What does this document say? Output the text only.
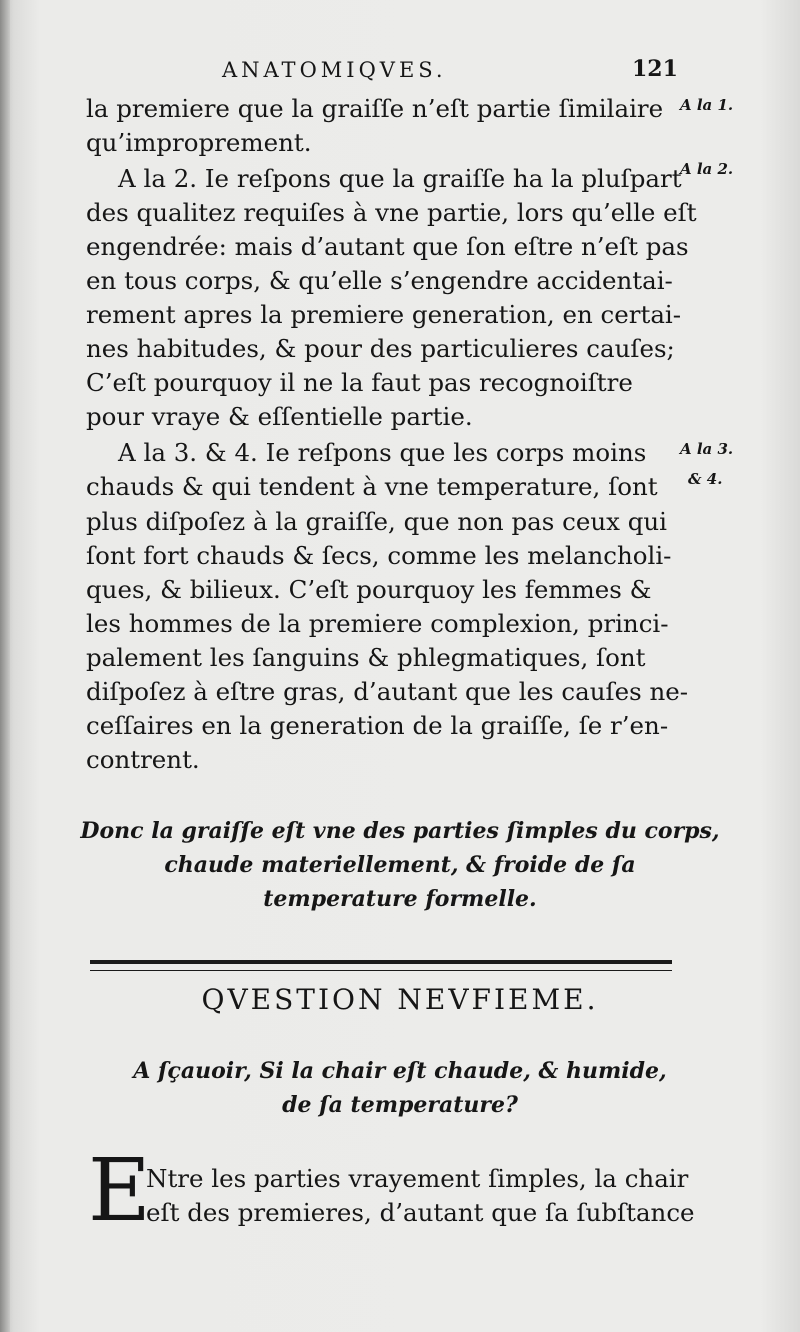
ANATOMIQVES.	121
la premiere que la graiſſe n’eſt partie ſimilaire
qu’improprement.
A la 2. Ie reſpons que la graiſſe ha la pluſpart
des qualitez requiſes à vne partie, lors qu’elle eſt
engendrée: mais d’autant que ſon eſtre n’eſt pas
en tous corps, & qu’elle s’engendre accidentai-
rement apres la premiere generation, en certai-
nes habitudes, & pour des particulieres cauſes;
C’eſt pourquoy il ne la faut pas recognoiſtre
pour vraye & eſſentielle partie.
A la 3. & 4. Ie reſpons que les corps moins
chauds & qui tendent à vne temperature, ſont
plus diſpoſez à la graiſſe, que non pas ceux qui
ſont fort chauds & ſecs, comme les melancholi-
ques, & bilieux. C’eſt pourquoy les femmes &
les hommes de la premiere complexion, princi-
palement les ſanguins & phlegmatiques, ſont
diſpoſez à eſtre gras, d’autant que les cauſes ne-
ceſſaires en la generation de la graiſſe, ſe r’en-
contrent.
A la 1.
A la 2.
A la 3.
& 4.
Donc la graiſſe eſt vne des parties ſimples du corps,
chaude materiellement, & froide de ſa
temperature formelle.
QVESTION NEVFIEME.
A ſçauoir, Si la chair eſt chaude, & humide,
de ſa temperature?
E
Ntre les parties vrayement ſimples, la chair
eſt des premieres, d’autant que ſa ſubſtance
